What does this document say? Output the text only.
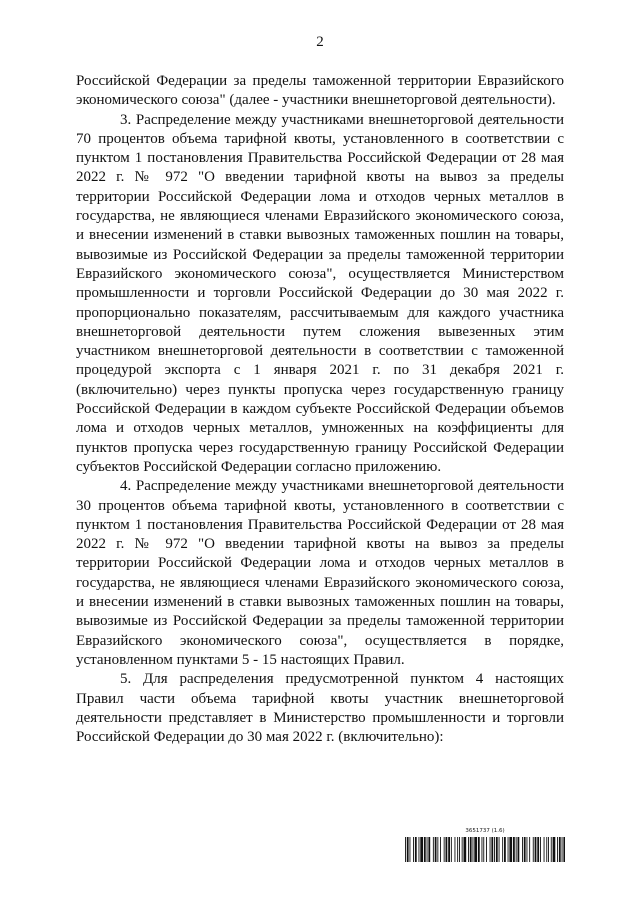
2

Российской Федерации за пределы таможенной территории Евразийского экономического союза" (далее - участники внешнеторговой деятельности).

3. Распределение между участниками внешнеторговой деятельности 70 процентов объема тарифной квоты, установленного в соответствии с пунктом 1 постановления Правительства Российской Федерации от 28 мая 2022 г. № 972 "О введении тарифной квоты на вывоз за пределы территории Российской Федерации лома и отходов черных металлов в государства, не являющиеся членами Евразийского экономического союза, и внесении изменений в ставки вывозных таможенных пошлин на товары, вывозимые из Российской Федерации за пределы таможенной территории Евразийского экономического союза", осуществляется Министерством промышленности и торговли Российской Федерации до 30 мая 2022 г. пропорционально показателям, рассчитываемым для каждого участника внешнеторговой деятельности путем сложения вывезенных этим участником внешнеторговой деятельности в соответствии с таможенной процедурой экспорта с 1 января 2021 г. по 31 декабря 2021 г. (включительно) через пункты пропуска через государственную границу Российской Федерации в каждом субъекте Российской Федерации объемов лома и отходов черных металлов, умноженных на коэффициенты для пунктов пропуска через государственную границу Российской Федерации субъектов Российской Федерации согласно приложению.

4. Распределение между участниками внешнеторговой деятельности 30 процентов объема тарифной квоты, установленного в соответствии с пунктом 1 постановления Правительства Российской Федерации от 28 мая 2022 г. № 972 "О введении тарифной квоты на вывоз за пределы территории Российской Федерации лома и отходов черных металлов в государства, не являющиеся членами Евразийского экономического союза, и внесении изменений в ставки вывозных таможенных пошлин на товары, вывозимые из Российской Федерации за пределы таможенной территории Евразийского экономического союза", осуществляется в порядке, установленном пунктами 5 - 15 настоящих Правил.

5. Для распределения предусмотренной пунктом 4 настоящих Правил части объема тарифной квоты участник внешнеторговой деятельности представляет в Министерство промышленности и торговли Российской Федерации до 30 мая 2022 г. (включительно):

3651737 (1.6)
